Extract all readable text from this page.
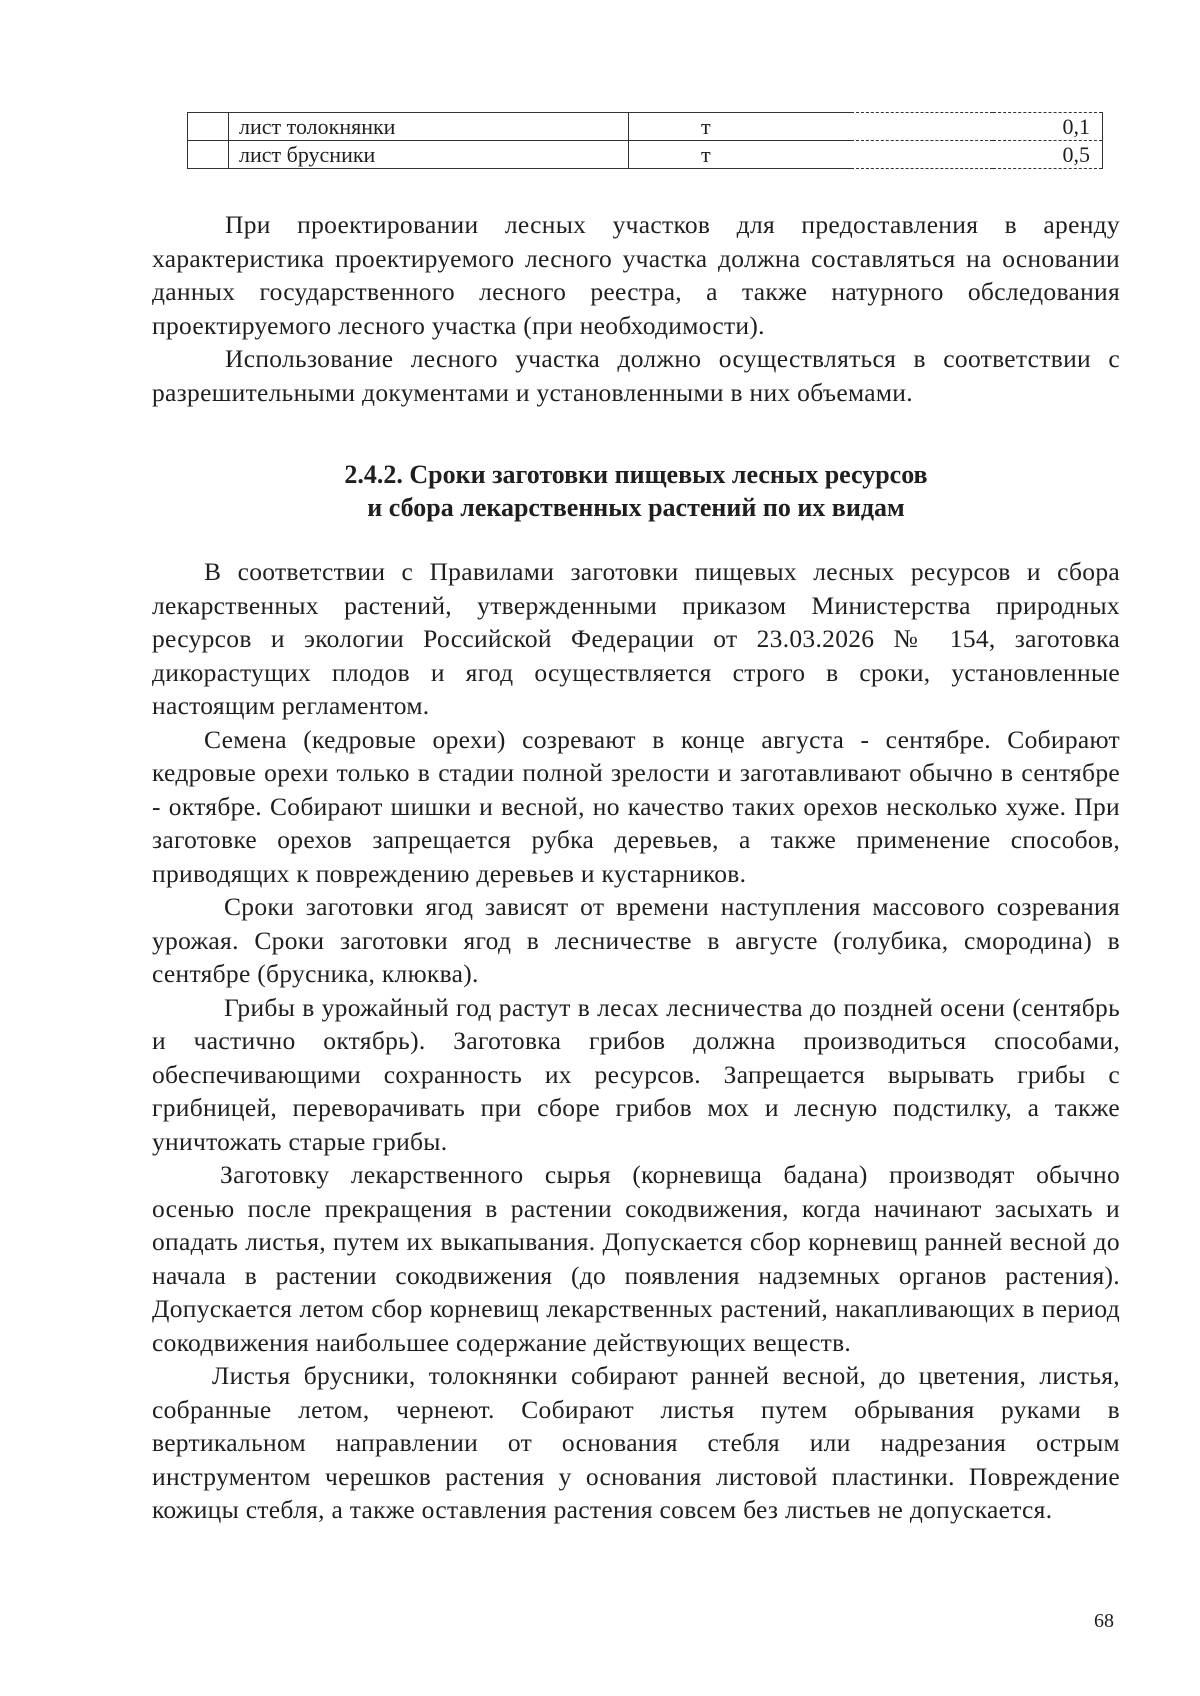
	лист толокнянки	т		0,1
	лист брусники	т		0,5

При проектировании лесных участков для предоставления в аренду характеристика проектируемого лесного участка должна составляться на основании данных государственного лесного реестра, а также натурного обследования проектируемого лесного участка (при необходимости).

Использование лесного участка должно осуществляться в соответствии с разрешительными документами и установленными в них объемами.

2.4.2. Сроки заготовки пищевых лесных ресурсов
и сбора лекарственных растений по их видам

В соответствии с Правилами заготовки пищевых лесных ресурсов и сбора лекарственных растений, утвержденными приказом Министерства природных ресурсов и экологии Российской Федерации от 23.03.2026 № 154, заготовка дикорастущих плодов и ягод осуществляется строго в сроки, установленные настоящим регламентом.

Семена (кедровые орехи) созревают в конце августа - сентябре. Собирают кедровые орехи только в стадии полной зрелости и заготавливают обычно в сентябре - октябре. Собирают шишки и весной, но качество таких орехов несколько хуже. При заготовке орехов запрещается рубка деревьев, а также применение способов, приводящих к повреждению деревьев и кустарников.

Сроки заготовки ягод зависят от времени наступления массового созревания урожая. Сроки заготовки ягод в лесничестве в августе (голубика, смородина) в сентябре (брусника, клюква).

Грибы в урожайный год растут в лесах лесничества до поздней осени (сентябрь и частично октябрь). Заготовка грибов должна производиться способами, обеспечивающими сохранность их ресурсов. Запрещается вырывать грибы с грибницей, переворачивать при сборе грибов мох и лесную подстилку, а также уничтожать старые грибы.

Заготовку лекарственного сырья (корневища бадана) производят обычно осенью после прекращения в растении сокодвижения, когда начинают засыхать и опадать листья, путем их выкапывания. Допускается сбор корневищ ранней весной до начала в растении сокодвижения (до появления надземных органов растения). Допускается летом сбор корневищ лекарственных растений, накапливающих в период сокодвижения наибольшее содержание действующих веществ.

Листья брусники, толокнянки собирают ранней весной, до цветения, листья, собранные летом, чернеют. Собирают листья путем обрывания руками в вертикальном направлении от основания стебля или надрезания острым инструментом черешков растения у основания листовой пластинки. Повреждение кожицы стебля, а также оставления растения совсем без листьев не допускается.

68
